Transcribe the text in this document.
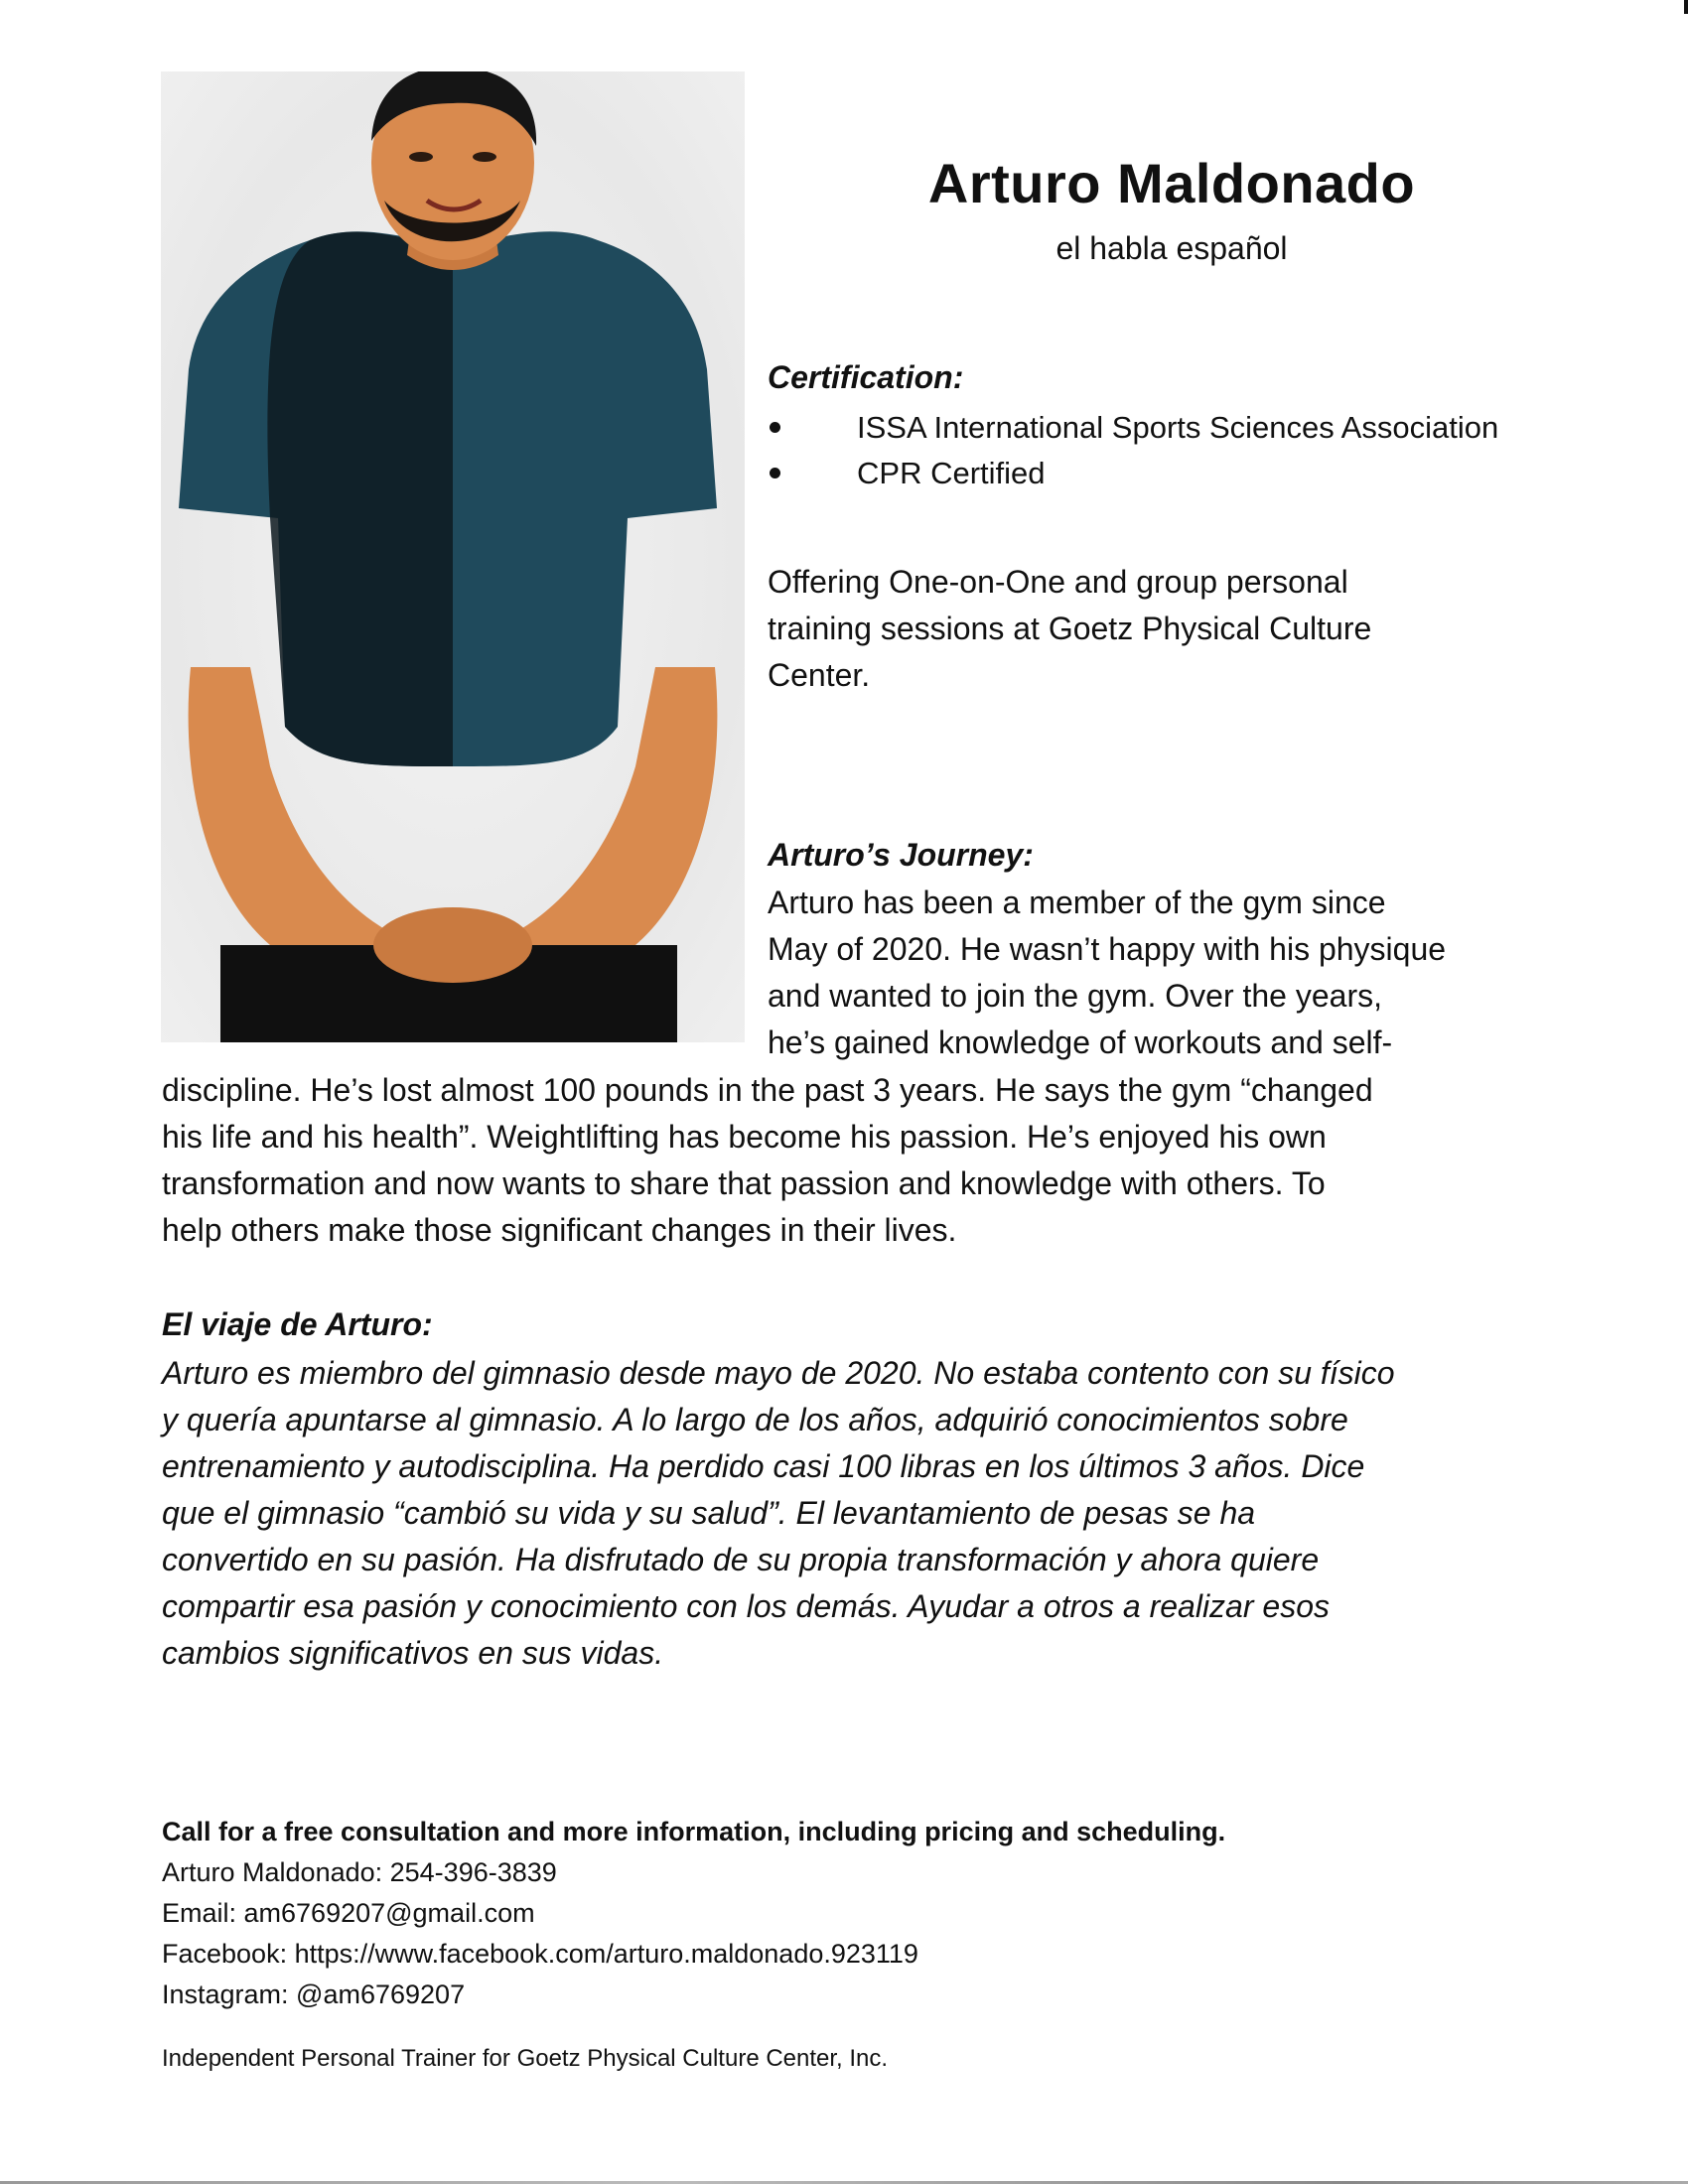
Arturo Maldonado
el habla español
Certification:
ISSA International Sports Sciences Association
CPR Certified
Offering One-on-One and group personal
training sessions at Goetz Physical Culture
Center.
Arturo’s Journey:
Arturo has been a member of the gym since
May of 2020. He wasn’t happy with his physique
and wanted to join the gym. Over the years,
he’s gained knowledge of workouts and self-
discipline. He’s lost almost 100 pounds in the past 3 years. He says the gym “changed
his life and his health”. Weightlifting has become his passion. He’s enjoyed his own
transformation and now wants to share that passion and knowledge with others. To
help others make those significant changes in their lives.
El viaje de Arturo:
Arturo es miembro del gimnasio desde mayo de 2020. No estaba contento con su físico
y quería apuntarse al gimnasio. A lo largo de los años, adquirió conocimientos sobre
entrenamiento y autodisciplina. Ha perdido casi 100 libras en los últimos 3 años. Dice
que el gimnasio “cambió su vida y su salud”. El levantamiento de pesas se ha
convertido en su pasión. Ha disfrutado de su propia transformación y ahora quiere
compartir esa pasión y conocimiento con los demás. Ayudar a otros a realizar esos
cambios significativos en sus vidas.
Call for a free consultation and more information, including pricing and scheduling.
Arturo Maldonado: 254-396-3839
Email: am6769207@gmail.com
Facebook: https://www.facebook.com/arturo.maldonado.923119
Instagram: @am6769207
Independent Personal Trainer for Goetz Physical Culture Center, Inc.
